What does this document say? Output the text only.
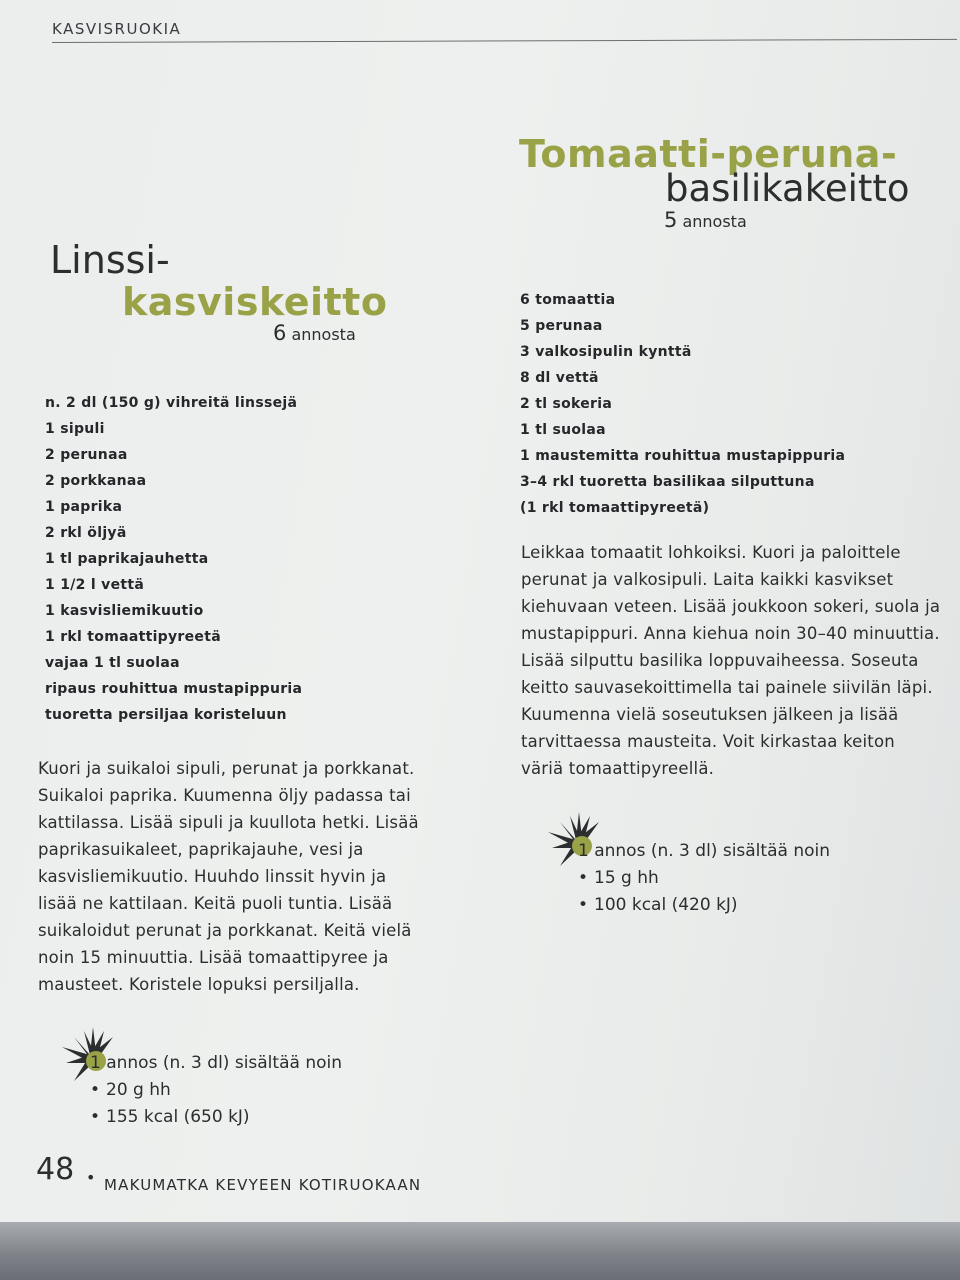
KASVISRUOKIA
Linssi-
kasviskeitto
6 annosta
n. 2 dl (150 g) vihreitä linssejä
1 sipuli
2 perunaa
2 porkkanaa
1 paprika
2 rkl öljyä
1 tl paprikajauhetta
1 1/2 l vettä
1 kasvisliemikuutio
1 rkl tomaattipyreetä
vajaa 1 tl suolaa
ripaus rouhittua mustapippuria
tuoretta persiljaa koristeluun

Kuori ja suikaloi sipuli, perunat ja porkkanat. Suikaloi paprika. Kuumenna öljy padassa tai kattilassa. Lisää sipuli ja kuullota hetki. Lisää paprikasuikaleet, paprikajauhe, vesi ja kasvisliemikuutio. Huuhdo linssit hyvin ja lisää ne kattilaan. Keitä puoli tuntia. Lisää suikaloidut perunat ja porkkanat. Keitä vielä noin 15 minuuttia. Lisää tomaattipyree ja mausteet. Koristele lopuksi persiljalla.

1 annos (n. 3 dl) sisältää noin
• 20 g hh
• 155 kcal (650 kJ)
Tomaatti-peruna-
basilikakeitto
5 annosta
6 tomaattia
5 perunaa
3 valkosipulin kynttä
8 dl vettä
2 tl sokeria
1 tl suolaa
1 maustemitta rouhittua mustapippuria
3–4 rkl tuoretta basilikaa silputtuna
(1 rkl tomaattipyreetä)

Leikkaa tomaatit lohkoiksi. Kuori ja paloittele perunat ja valkosipuli. Laita kaikki kasvikset kiehuvaan veteen. Lisää joukkoon sokeri, suola ja mustapippuri. Anna kiehua noin 30–40 minuuttia. Lisää silputtu basilika loppuvaiheessa. Soseuta keitto sauvasekoittimella tai painele siivilän läpi. Kuumenna vielä soseutuksen jälkeen ja lisää tarvittaessa mausteita. Voit kirkastaa keiton väriä tomaattipyreellä.

1 annos (n. 3 dl) sisältää noin
• 15 g hh
• 100 kcal (420 kJ)
48 • MAKUMATKA KEVYEEN KOTIRUOKAAN
